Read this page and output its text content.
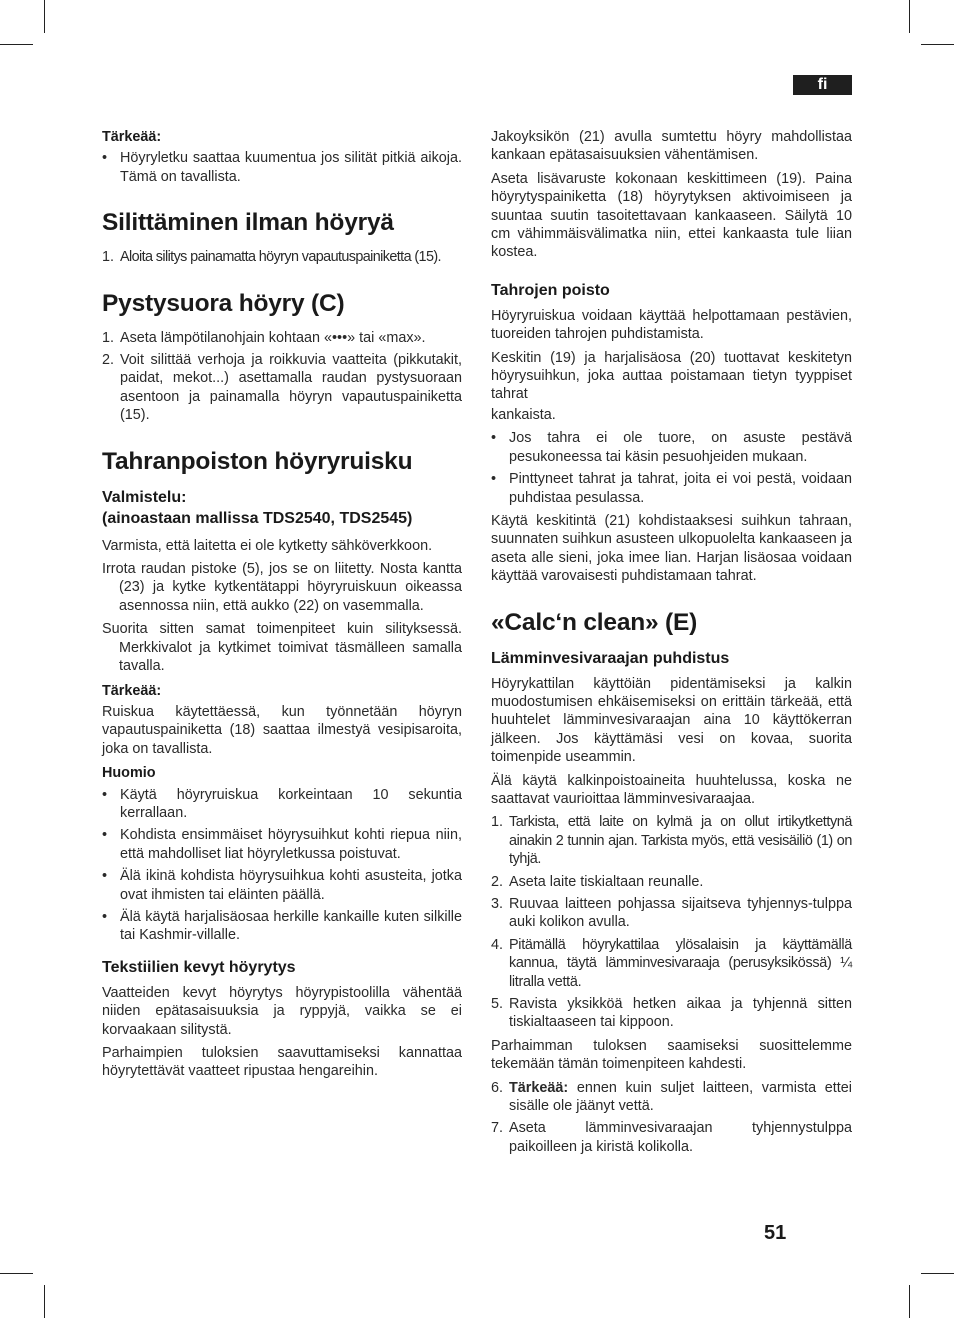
fi
Tärkeää:
• Höyryletku saattaa kuumentua jos silität pitkiä aikoja. Tämä on tavallista.
Silittäminen ilman höyryä
1. Aloita silitys painamatta höyryn vapautuspainiketta (15).
Pystysuora höyry (C)
1. Aseta lämpötilanohjain kohtaan «•••» tai «max».
2. Voit silittää verhoja ja roikkuvia vaatteita (pikkutakit, paidat, mekot...) asettamalla raudan pystysuoraan asentoon ja painamalla höyryn vapautuspainiketta (15).
Tahranpoiston höyryruisku
Valmistelu:
(ainoastaan mallissa TDS2540, TDS2545)

Varmista, että laitetta ei ole kytketty sähköverkkoon.

Irrota raudan pistoke (5), jos se on liitetty. Nosta kantta (23) ja kytke kytkentätappi höyryruiskuun oikeassa asennossa niin, että aukko (22) on vasemmalla.

Suorita sitten samat toimenpiteet kuin silityksessä. Merkkivalot ja kytkimet toimivat täsmälleen samalla tavalla.

Tärkeää:

Ruiskua käytettäessä, kun työnnetään höyryn vapautuspainiketta (18) saattaa ilmestyä vesipisaroita, joka on tavallista.

Huomio
• Käytä höyryruiskua korkeintaan 10 sekuntia kerrallaan.
• Kohdista ensimmäiset höyrysuihkut kohti riepua niin, että mahdolliset liat höyryletkussa poistuvat.
• Älä ikinä kohdista höyrysuihkua kohti asusteita, jotka ovat ihmisten tai eläinten päällä.
• Älä käytä harjalisäosaa herkille kankaille kuten silkille tai Kashmir-villalle.
Tekstiilien kevyt höyrytys

Vaatteiden kevyt höyrytys höyrypistoolilla vähentää niiden epätasaisuuksia ja ryppyjä, vaikka se ei korvaakaan silitystä.

Parhaimpien tuloksien saavuttamiseksi kannattaa höyrytettävät vaatteet ripustaa hengareihin.

Jakoyksikön (21) avulla sumtettu höyry mahdollistaa kankaan epätasaisuuksien vähentämisen.

Aseta lisävaruste kokonaan keskittimeen (19). Paina höyrytyspainiketta (18) höyrytyksen aktivoimiseen ja suuntaa suutin tasoitettavaan kankaaseen. Säilytä 10 cm vähimmäisvälimatka niin, ettei kankaasta tule liian kostea.

Tahrojen poisto

Höyryruiskua voidaan käyttää helpottamaan pestävien, tuoreiden tahrojen puhdistamista.

Keskitin (19) ja harjalisäosa (20) tuottavat keskitetyn höyrysuihkun, joka auttaa poistamaan tietyn tyyppiset tahrat

kankaista.

• Jos tahra ei ole tuore, on asuste pestävä pesukoneessa tai käsin pesuohjeiden mukaan.
• Pinttyneet tahrat ja tahrat, joita ei voi pestä, voidaan puhdistaa pesulassa.

Käytä keskitintä (21) kohdistaaksesi suihkun tahraan, suunnaten suihkun asusteen ulkopuolelta kankaaseen ja aseta alle sieni, joka imee lian. Harjan lisäosaa voidaan käyttää varovaisesti puhdistamaan tahrat.

«Calc‘n clean» (E)
Lämminvesivaraajan puhdistus

Höyrykattilan käyttöiän pidentämiseksi ja kalkin muodostumisen ehkäisemiseksi on erittäin tärkeää, että huuhtelet lämminvesivaraajan aina 10 käyttökerran jälkeen. Jos käyttämäsi vesi on kovaa, suorita toimenpide useammin.

Älä käytä kalkinpoistoaineita huuhtelussa, koska ne saattavat vaurioittaa lämminvesivaraajaa.

1. Tarkista, että laite on kylmä ja on ollut irtikytkettynä ainakin 2 tunnin ajan. Tarkista myös, että vesisäiliö (1) on tyhjä.
2. Aseta laite tiskialtaan reunalle.
3. Ruuvaa laitteen pohjassa sijaitseva tyhjennys-tulppa auki kolikon avulla.
4. Pitämällä höyrykattilaa ylösalaisin ja käyttämällä kannua, täytä lämminvesivaraaja (perusyksikössä) ¼ litralla vettä.
5. Ravista yksikköä hetken aikaa ja tyhjennä sitten tiskialtaaseen tai kippoon.

Parhaimman tuloksen saamiseksi suosittelemme tekemään tämän toimenpiteen kahdesti.

6. Tärkeää: ennen kuin suljet laitteen, varmista ettei sisälle ole jäänyt vettä.
7. Aseta lämminvesivaraajan tyhjennystulppa paikoilleen ja kiristä kolikolla.
51
